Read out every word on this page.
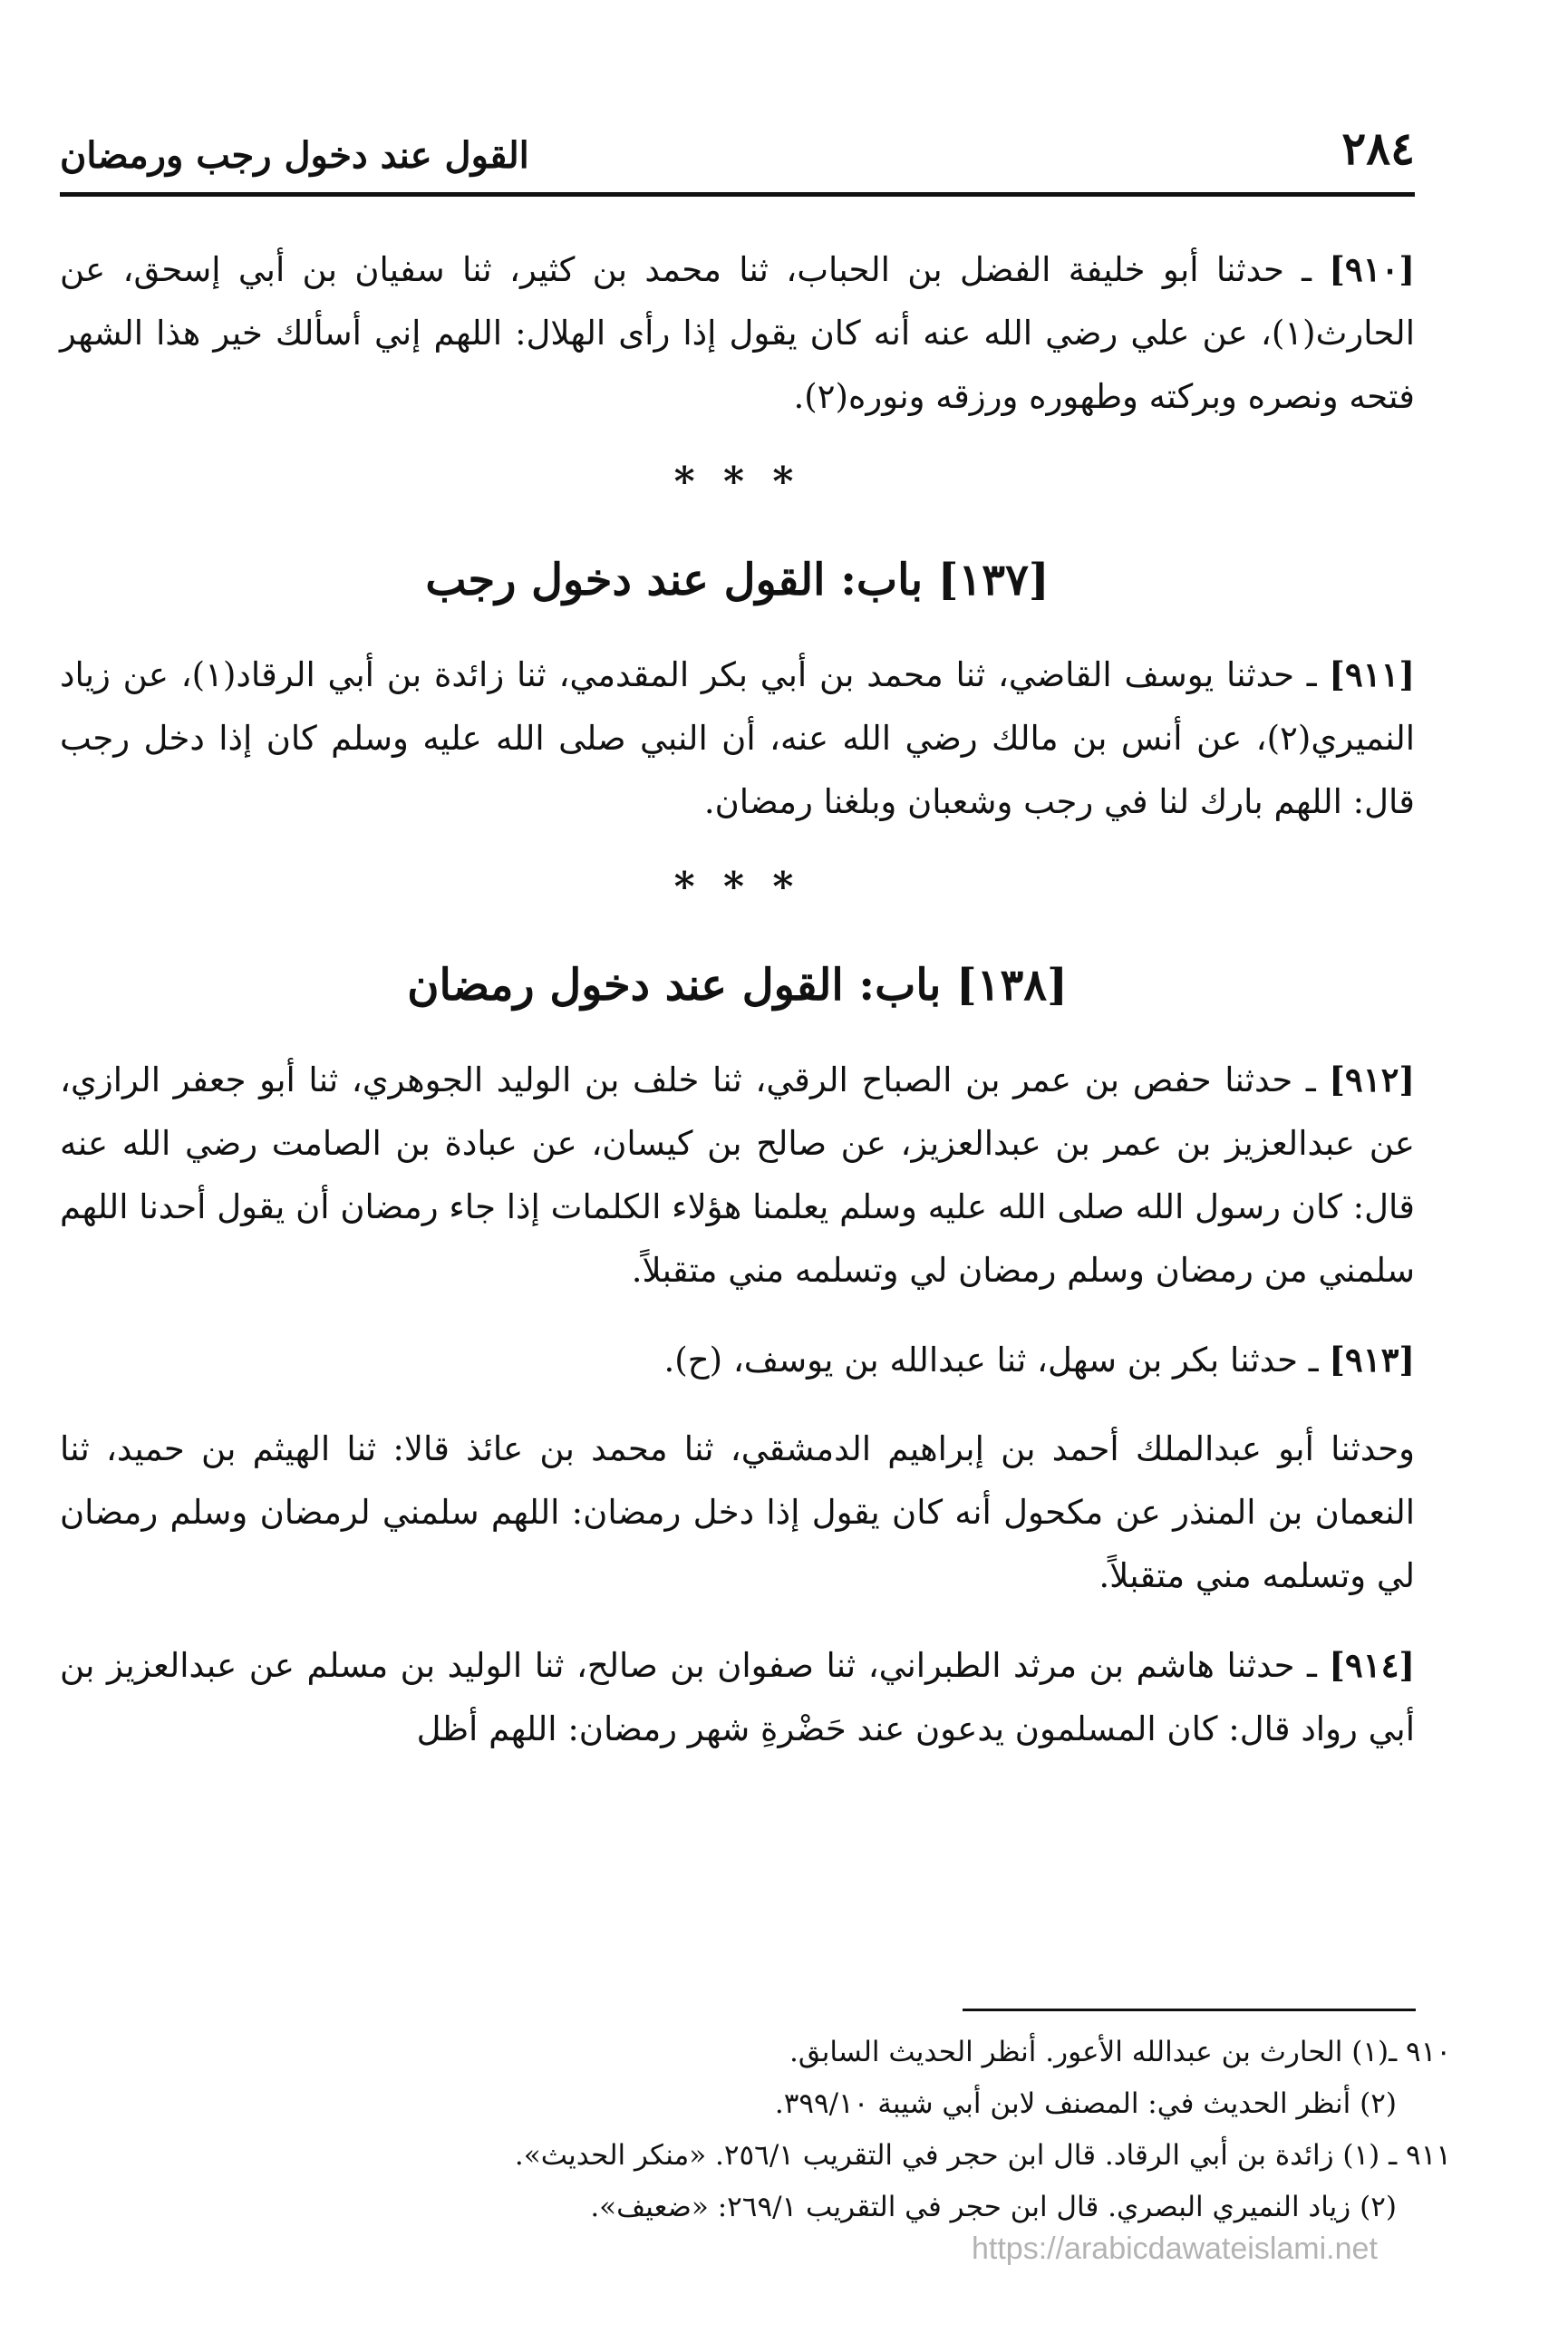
٢٨٤
القول عند دخول رجب ورمضان

[٩١٠] ـ حدثنا أبو خليفة الفضل بن الحباب، ثنا محمد بن كثير، ثنا سفيان بن أبي إسحق، عن الحارث(١)، عن علي رضي الله عنه أنه كان يقول إذا رأى الهلال: اللهم إني أسألك خير هذا الشهر فتحه ونصره وبركته وطهوره ورزقه ونوره(٢).

* * *
[١٣٧] باب: القول عند دخول رجب

[٩١١] ـ حدثنا يوسف القاضي، ثنا محمد بن أبي بكر المقدمي، ثنا زائدة بن أبي الرقاد(١)، عن زياد النميري(٢)، عن أنس بن مالك رضي الله عنه، أن النبي صلى الله عليه وسلم كان إذا دخل رجب قال: اللهم بارك لنا في رجب وشعبان وبلغنا رمضان.

* * *
[١٣٨] باب: القول عند دخول رمضان

[٩١٢] ـ حدثنا حفص بن عمر بن الصباح الرقي، ثنا خلف بن الوليد الجوهري، ثنا أبو جعفر الرازي، عن عبدالعزيز بن عمر بن عبدالعزيز، عن صالح بن كيسان، عن عبادة بن الصامت رضي الله عنه قال: كان رسول الله صلى الله عليه وسلم يعلمنا هؤلاء الكلمات إذا جاء رمضان أن يقول أحدنا اللهم سلمني من رمضان وسلم رمضان لي وتسلمه مني متقبلاً.

[٩١٣] ـ حدثنا بكر بن سهل، ثنا عبدالله بن يوسف، (ح).

وحدثنا أبو عبدالملك أحمد بن إبراهيم الدمشقي، ثنا محمد بن عائذ قالا: ثنا الهيثم بن حميد، ثنا النعمان بن المنذر عن مكحول أنه كان يقول إذا دخل رمضان: اللهم سلمني لرمضان وسلم رمضان لي وتسلمه مني متقبلاً.

[٩١٤] ـ حدثنا هاشم بن مرثد الطبراني، ثنا صفوان بن صالح، ثنا الوليد بن مسلم عن عبدالعزيز بن أبي رواد قال: كان المسلمون يدعون عند حَضْرةِ شهر رمضان: اللهم أظل

٩١٠ ـ(١) الحارث بن عبدالله الأعور. أنظر الحديث السابق.

(٢) أنظر الحديث في: المصنف لابن أبي شيبة ٣٩٩/١٠.

٩١١ ـ (١) زائدة بن أبي الرقاد. قال ابن حجر في التقريب ٢٥٦/١. «منكر الحديث».

(٢) زياد النميري البصري. قال ابن حجر في التقريب ٢٦٩/١: «ضعيف».

https://arabicdawateislami.net
